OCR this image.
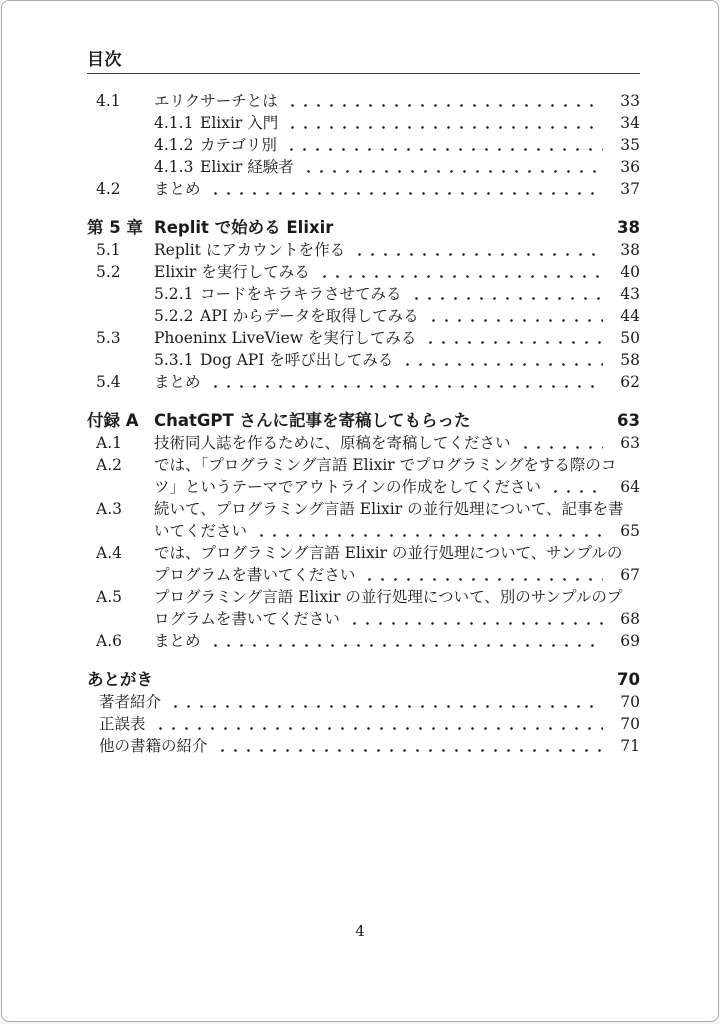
目次
4.1	エリクサーチとは	33
4.1.1 Elixir 入門	34
4.1.2 カテゴリ別	35
4.1.3 Elixir 経験者	36
4.2	まとめ	37
第 5 章 Replit で始める Elixir	38
5.1	Replit にアカウントを作る	38
5.2	Elixir を実行してみる	40
5.2.1 コードをキラキラさせてみる	43
5.2.2 API からデータを取得してみる	44
5.3	Phoeninx LiveView を実行してみる	50
5.3.1 Dog API を呼び出してみる	58
5.4	まとめ	62
付録 A ChatGPT さんに記事を寄稿してもらった	63
A.1	技術同人誌を作るために、原稿を寄稿してください	63
A.2	では、「プログラミング言語 Elixir でプログラミングをする際のコ
ツ」というテーマでアウトラインの作成をしてください	64
A.3	続いて、プログラミング言語 Elixir の並行処理について、記事を書
いてください	65
A.4	では、プログラミング言語 Elixir の並行処理について、サンプルの
プログラムを書いてください	67
A.5	プログラミング言語 Elixir の並行処理について、別のサンプルのプ
ログラムを書いてください	68
A.6	まとめ	69
あとがき	70
著者紹介	70
正誤表	70
他の書籍の紹介	71
4
